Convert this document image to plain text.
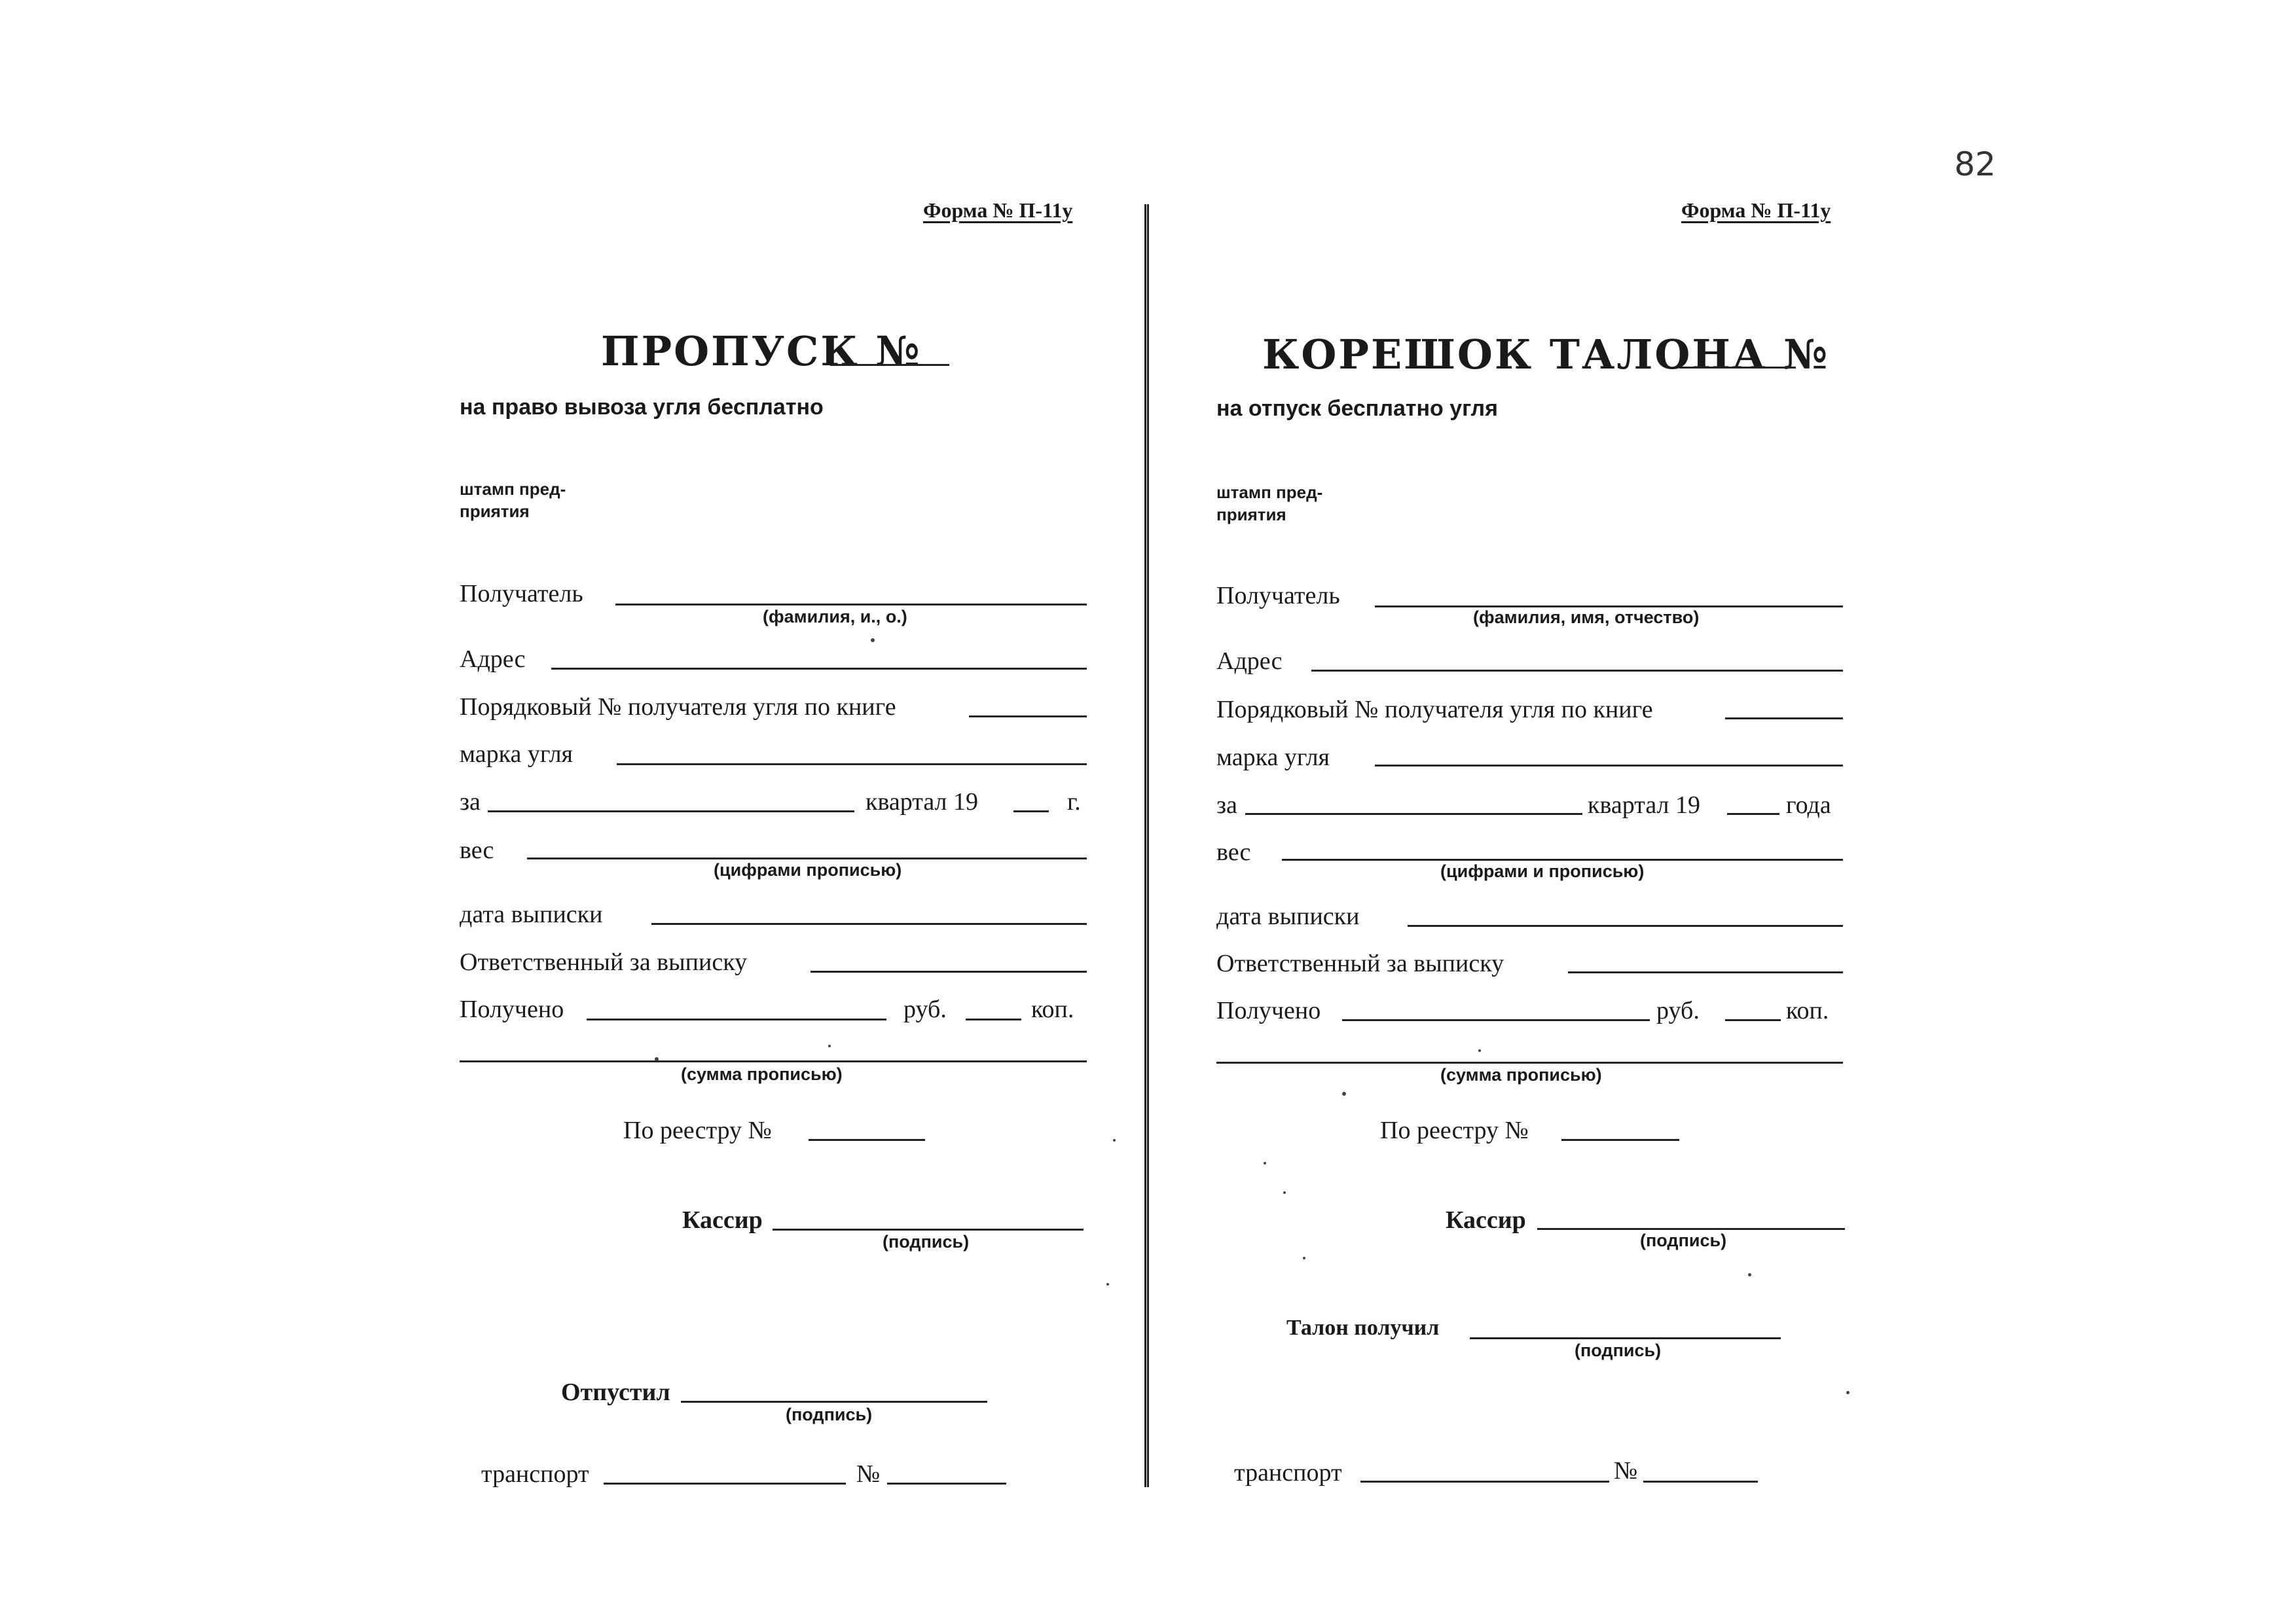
82
Форма № П-11у
ПРОПУСК №
на право вывоза угля бесплатно
штамп пред-приятия
Получатель
(фамилия, и., о.)
Адрес
Порядковый № получателя угля по книге
марка угля
за	квартал 19	г.
вес
(цифрами прописью)
дата выписки
Ответственный за выписку
Получено	руб.	коп.
(сумма прописью)
По реестру №
Кассир
(подпись)
Отпустил
(подпись)
транспорт	№
Форма № П-11у
КОРЕШОК ТАЛОНА №
на отпуск бесплатно угля
штамп пред-приятия
Получатель
(фамилия, имя, отчество)
Адрес
Порядковый № получателя угля по книге
марка угля
за	квартал 19	года
вес
(цифрами и прописью)
дата выписки
Ответственный за выписку
Получено	руб.	коп.
(сумма прописью)
По реестру №
Кассир
(подпись)
Талон получил
(подпись)
транспорт	№
